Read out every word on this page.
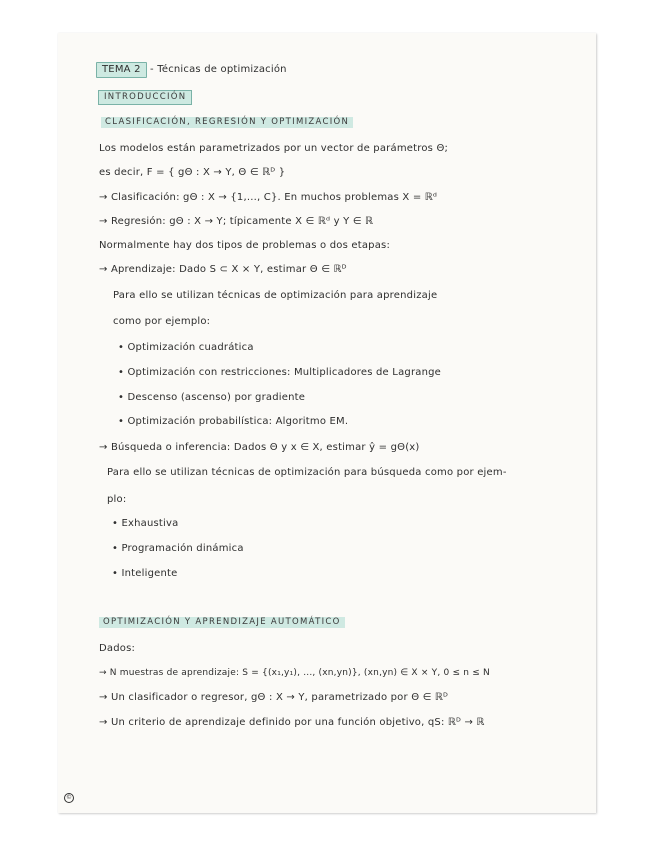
TEMA 2 - Técnicas de optimización
INTRODUCCIÓN
CLASIFICACIÓN, REGRESIÓN Y OPTIMIZACIÓN
Los modelos están parametrizados por un vector de parámetros Θ;
es decir, F = { gΘ : X → Y, Θ ∈ ℝᴰ }
→ Clasificación: gΘ : X → {1,..., C}. En muchos problemas X = ℝᵈ
→ Regresión: gΘ : X → Y; típicamente X ∈ ℝᵈ y Y ∈ ℝ
Normalmente hay dos tipos de problemas o dos etapas:
→ Aprendizaje: Dado S ⊂ X × Y, estimar Θ ∈ ℝᴰ
Para ello se utilizan técnicas de optimización para aprendizaje
como por ejemplo:
• Optimización cuadrática
• Optimización con restricciones: Multiplicadores de Lagrange
• Descenso (ascenso) por gradiente
• Optimización probabilística: Algoritmo EM.
→ Búsqueda o inferencia: Dados Θ y x ∈ X, estimar ŷ = gΘ(x)
Para ello se utilizan técnicas de optimización para búsqueda como por ejem-
plo:
• Exhaustiva
• Programación dinámica
• Inteligente
OPTIMIZACIÓN Y APRENDIZAJE AUTOMÁTICO
Dados:
→ N muestras de aprendizaje: S = {(x₁,y₁), ..., (xn,yn)}, (xn,yn) ∈ X × Y, 0 ≤ n ≤ N
→ Un clasificador o regresor, gΘ : X → Y, parametrizado por Θ ∈ ℝᴰ
→ Un criterio de aprendizaje definido por una función objetivo, qS: ℝᴰ → ℝ
©
